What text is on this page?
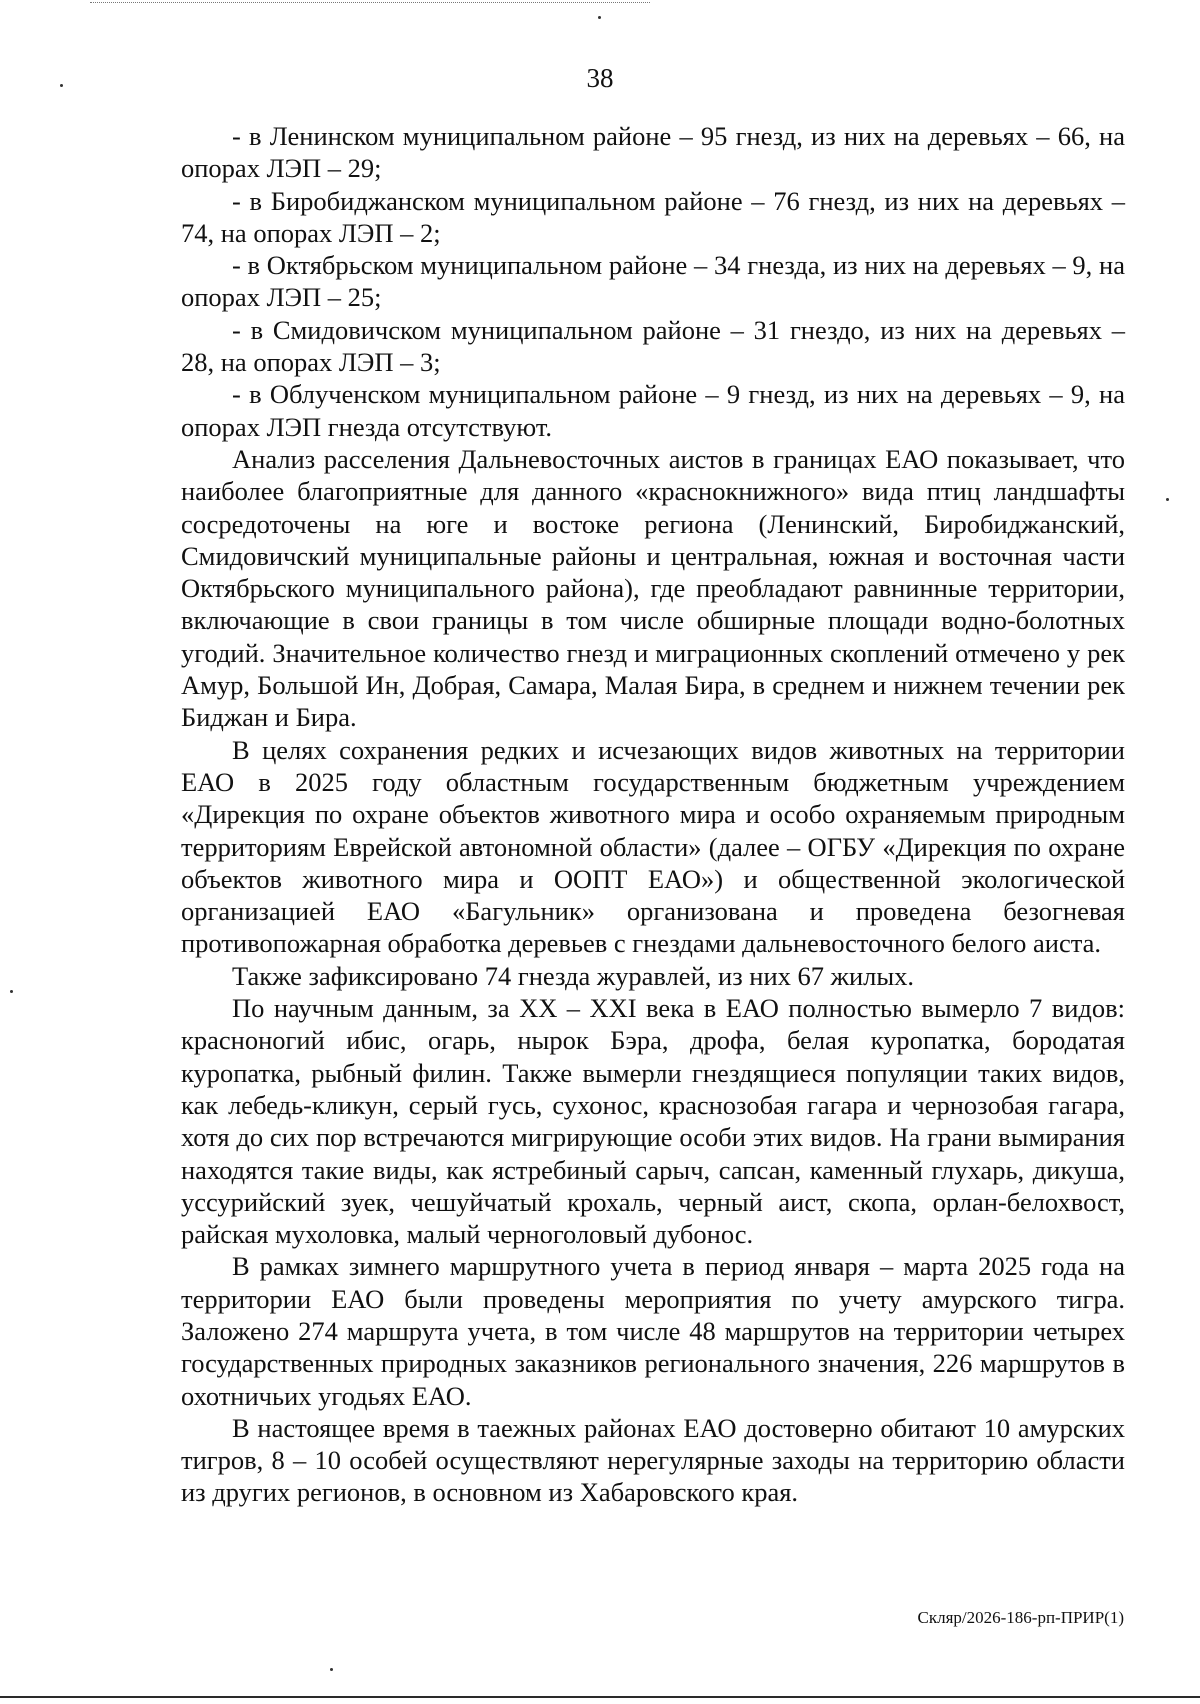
38

- в Ленинском муниципальном районе – 95 гнезд, из них на деревьях – 66, на опорах ЛЭП – 29;

- в Биробиджанском муниципальном районе – 76 гнезд, из них на деревьях – 74, на опорах ЛЭП – 2;

- в Октябрьском муниципальном районе – 34 гнезда, из них на деревьях – 9, на опорах ЛЭП – 25;

- в Смидовичском муниципальном районе – 31 гнездо, из них на деревьях – 28, на опорах ЛЭП – 3;

- в Облученском муниципальном районе – 9 гнезд, из них на деревьях – 9, на опорах ЛЭП гнезда отсутствуют.

Анализ расселения Дальневосточных аистов в границах ЕАО показывает, что наиболее благоприятные для данного «краснокнижного» вида птиц ландшафты сосредоточены на юге и востоке региона (Ленинский, Биробиджанский, Смидовичский муниципальные районы и центральная, южная и восточная части Октябрьского муниципального района), где преобладают равнинные территории, включающие в свои границы в том числе обширные площади водно-болотных угодий. Значительное количество гнезд и миграционных скоплений отмечено у рек Амур, Большой Ин, Добрая, Самара, Малая Бира, в среднем и нижнем течении рек Биджан и Бира.

В целях сохранения редких и исчезающих видов животных на территории ЕАО в 2025 году областным государственным бюджетным учреждением «Дирекция по охране объектов животного мира и особо охраняемым природным территориям Еврейской автономной области» (далее – ОГБУ «Дирекция по охране объектов животного мира и ООПТ ЕАО») и общественной экологической организацией ЕАО «Багульник» организована и проведена безогневая противопожарная обработка деревьев с гнездами дальневосточного белого аиста.

Также зафиксировано 74 гнезда журавлей, из них 67 жилых.

По научным данным, за XX – XXI века в ЕАО полностью вымерло 7 видов: красноногий ибис, огарь, нырок Бэра, дрофа, белая куропатка, бородатая куропатка, рыбный филин. Также вымерли гнездящиеся популяции таких видов, как лебедь-кликун, серый гусь, сухонос, краснозобая гагара и чернозобая гагара, хотя до сих пор встречаются мигрирующие особи этих видов. На грани вымирания находятся такие виды, как ястребиный сарыч, сапсан, каменный глухарь, дикуша, уссурийский зуек, чешуйчатый крохаль, черный аист, скопа, орлан-белохвост, райская мухоловка, малый черноголовый дубонос.

В рамках зимнего маршрутного учета в период января – марта 2025 года на территории ЕАО были проведены мероприятия по учету амурского тигра. Заложено 274 маршрута учета, в том числе 48 маршрутов на территории четырех государственных природных заказников регионального значения, 226 маршрутов в охотничьих угодьях ЕАО.

В настоящее время в таежных районах ЕАО достоверно обитают 10 амурских тигров, 8 – 10 особей осуществляют нерегулярные заходы на территорию области из других регионов, в основном из Хабаровского края.

Скляр/2026-186-рп-ПРИР(1)
